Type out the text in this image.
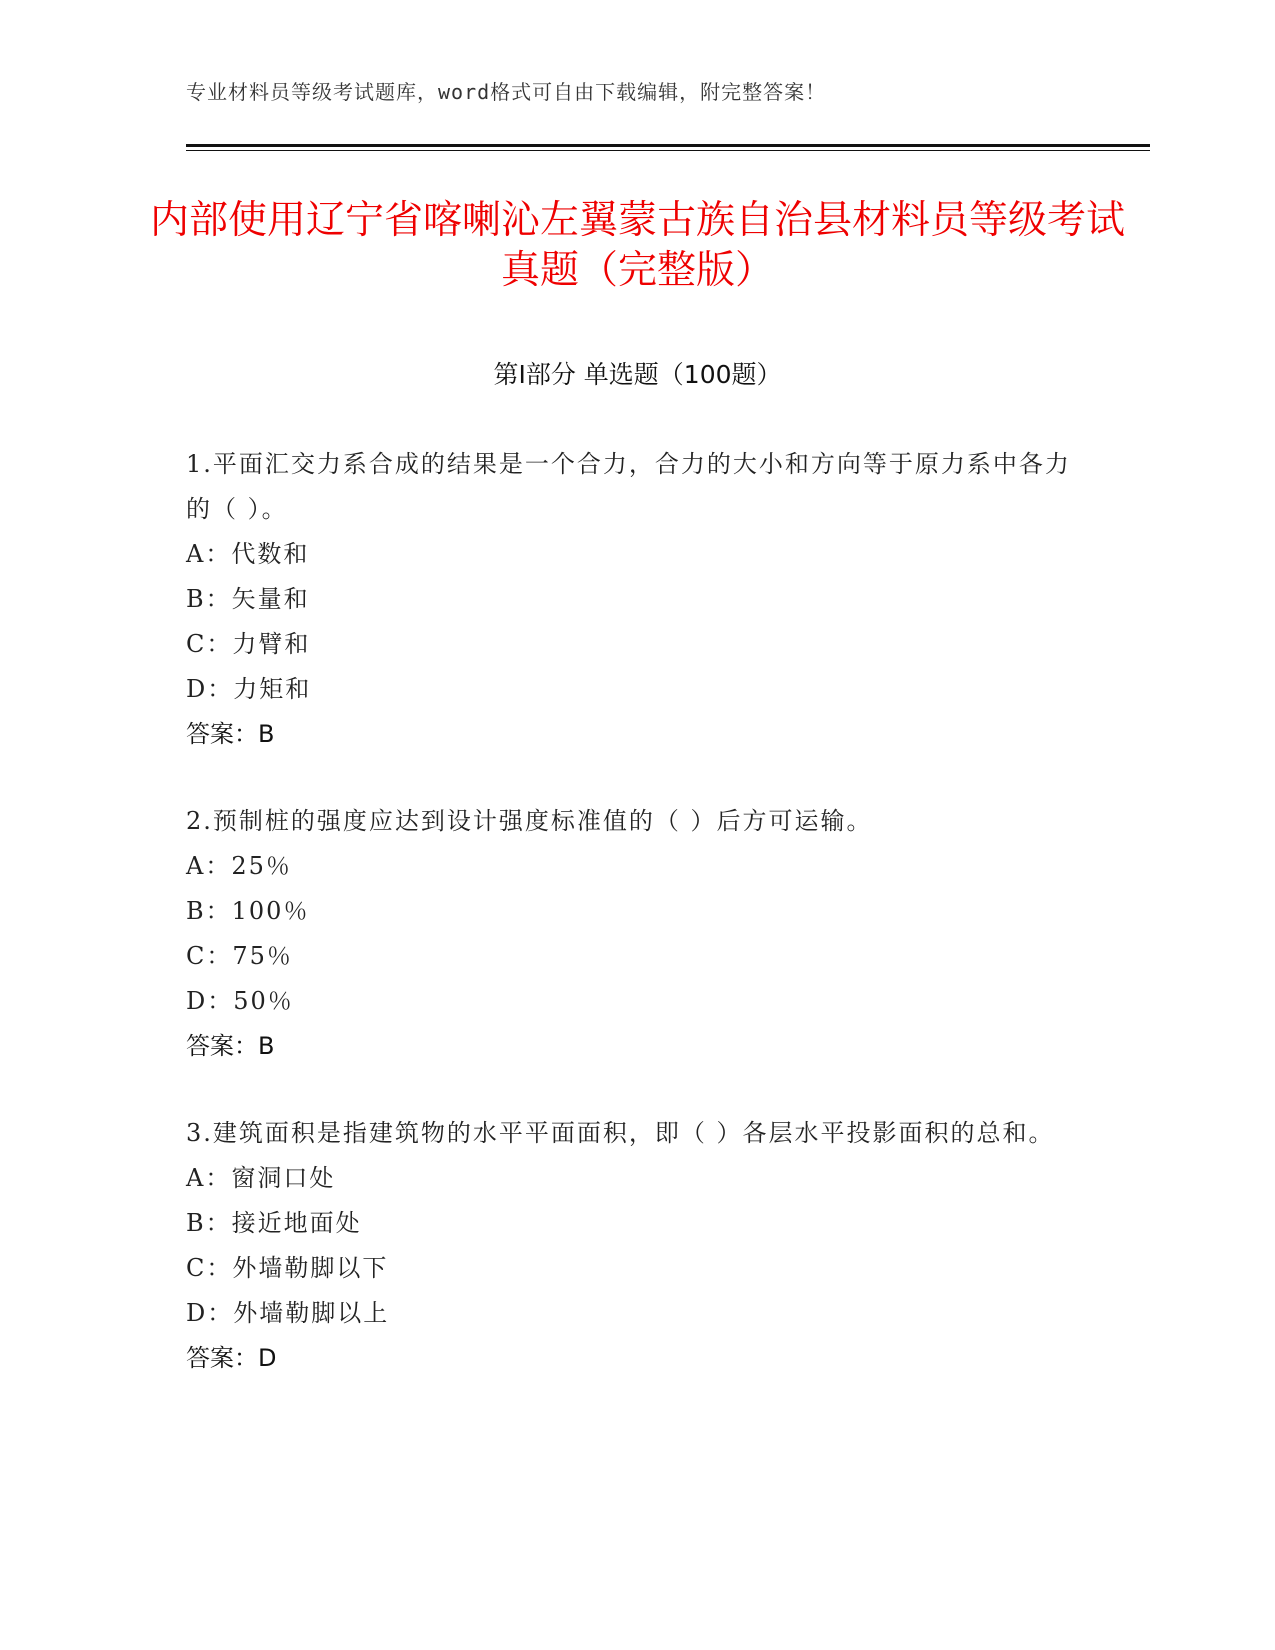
专业材料员等级考试题库，word格式可自由下载编辑，附完整答案！
内部使用辽宁省喀喇沁左翼蒙古族自治县材料员等级考试真题（完整版）
第Ⅰ部分 单选题（100题）
1.平面汇交力系合成的结果是一个合力，合力的大小和方向等于原力系中各力的（ ）。
A：代数和
B：矢量和
C：力臂和
D：力矩和
答案：B
2.预制桩的强度应达到设计强度标准值的（ ）后方可运输。
A：25％
B：100％
C：75％
D：50％
答案：B
3.建筑面积是指建筑物的水平平面面积，即（ ）各层水平投影面积的总和。
A：窗洞口处
B：接近地面处
C：外墙勒脚以下
D：外墙勒脚以上
答案：D
